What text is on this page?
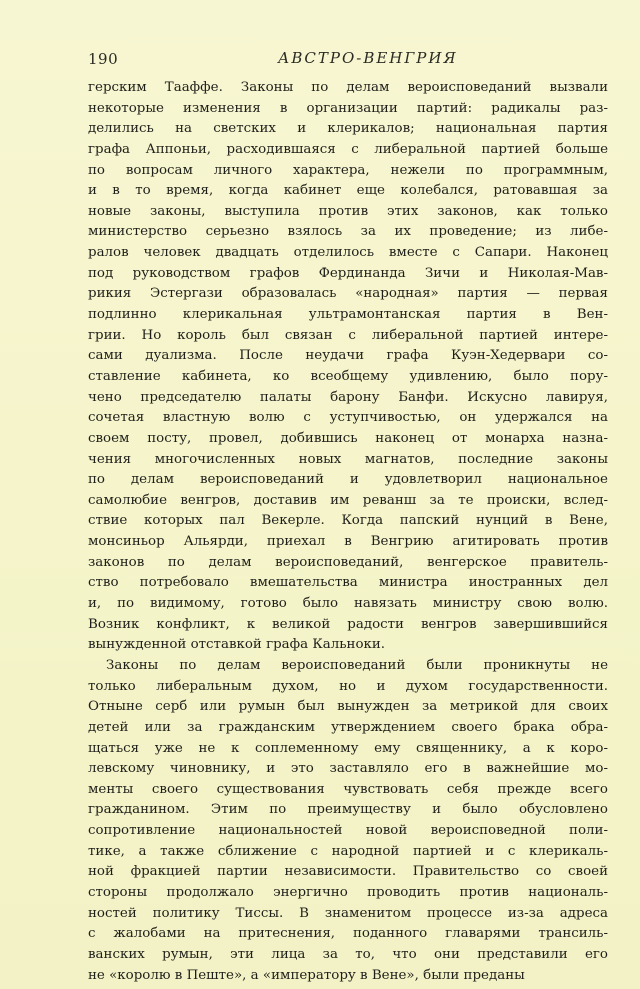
190	АВСТРО-ВЕНГРИЯ
герским Тааффе. Законы по делам вероисповеданий вызвали
некоторые изменения в организации партий: радикалы раз-
делились на светских и клерикалов; национальная партия
графа Аппоньи, расходившаяся с либеральной партией больше
по вопросам личного характера, нежели по программным,
и в то время, когда кабинет еще колебался, ратовавшая за
новые законы, выступила против этих законов, как только
министерство серьезно взялось за их проведение; из либе-
ралов человек двадцать отделилось вместе с Сапари. Наконец
под руководством графов Фердинанда Зичи и Николая-Мав-
рикия Эстергази образовалась «народная» партия — первая
подлинно клерикальная ультрамонтанская партия в Вен-
грии. Но король был связан с либеральной партией интере-
сами дуализма. После неудачи графа Куэн-Хедервари со-
ставление кабинета, ко всеобщему удивлению, было пору-
чено председателю палаты барону Банфи. Искусно лавируя,
сочетая властную волю с уступчивостью, он удержался на
своем посту, провел, добившись наконец от монарха назна-
чения многочисленных новых магнатов, последние законы
по делам вероисповеданий и удовлетворил национальное
самолюбие венгров, доставив им реванш за те происки, вслед-
ствие которых пал Векерле. Когда папский нунций в Вене,
монсиньор Альярди, приехал в Венгрию агитировать против
законов по делам вероисповеданий, венгерское правитель-
ство потребовало вмешательства министра иностранных дел
и, по видимому, готово было навязать министру свою волю.
Возник конфликт, к великой радости венгров завершившийся
вынужденной отставкой графа Кальноки.
Законы по делам вероисповеданий были проникнуты не
только либеральным духом, но и духом государственности.
Отныне серб или румын был вынужден за метрикой для своих
детей или за гражданским утверждением своего брака обра-
щаться уже не к соплеменному ему священнику, а к коро-
левскому чиновнику, и это заставляло его в важнейшие мо-
менты своего существования чувствовать себя прежде всего
гражданином. Этим по преимуществу и было обусловлено
сопротивление национальностей новой вероисповедной поли-
тике, а также сближение с народной партией и с клерикаль-
ной фракцией партии независимости. Правительство со своей
стороны продолжало энергично проводить против националь-
ностей политику Тиссы. В знаменитом процессе из-за адреса
с жалобами на притеснения, поданного главарями трансиль-
ванских румын, эти лица за то, что они представили его
не «королю в Пеште», а «императору в Вене», были преданы
